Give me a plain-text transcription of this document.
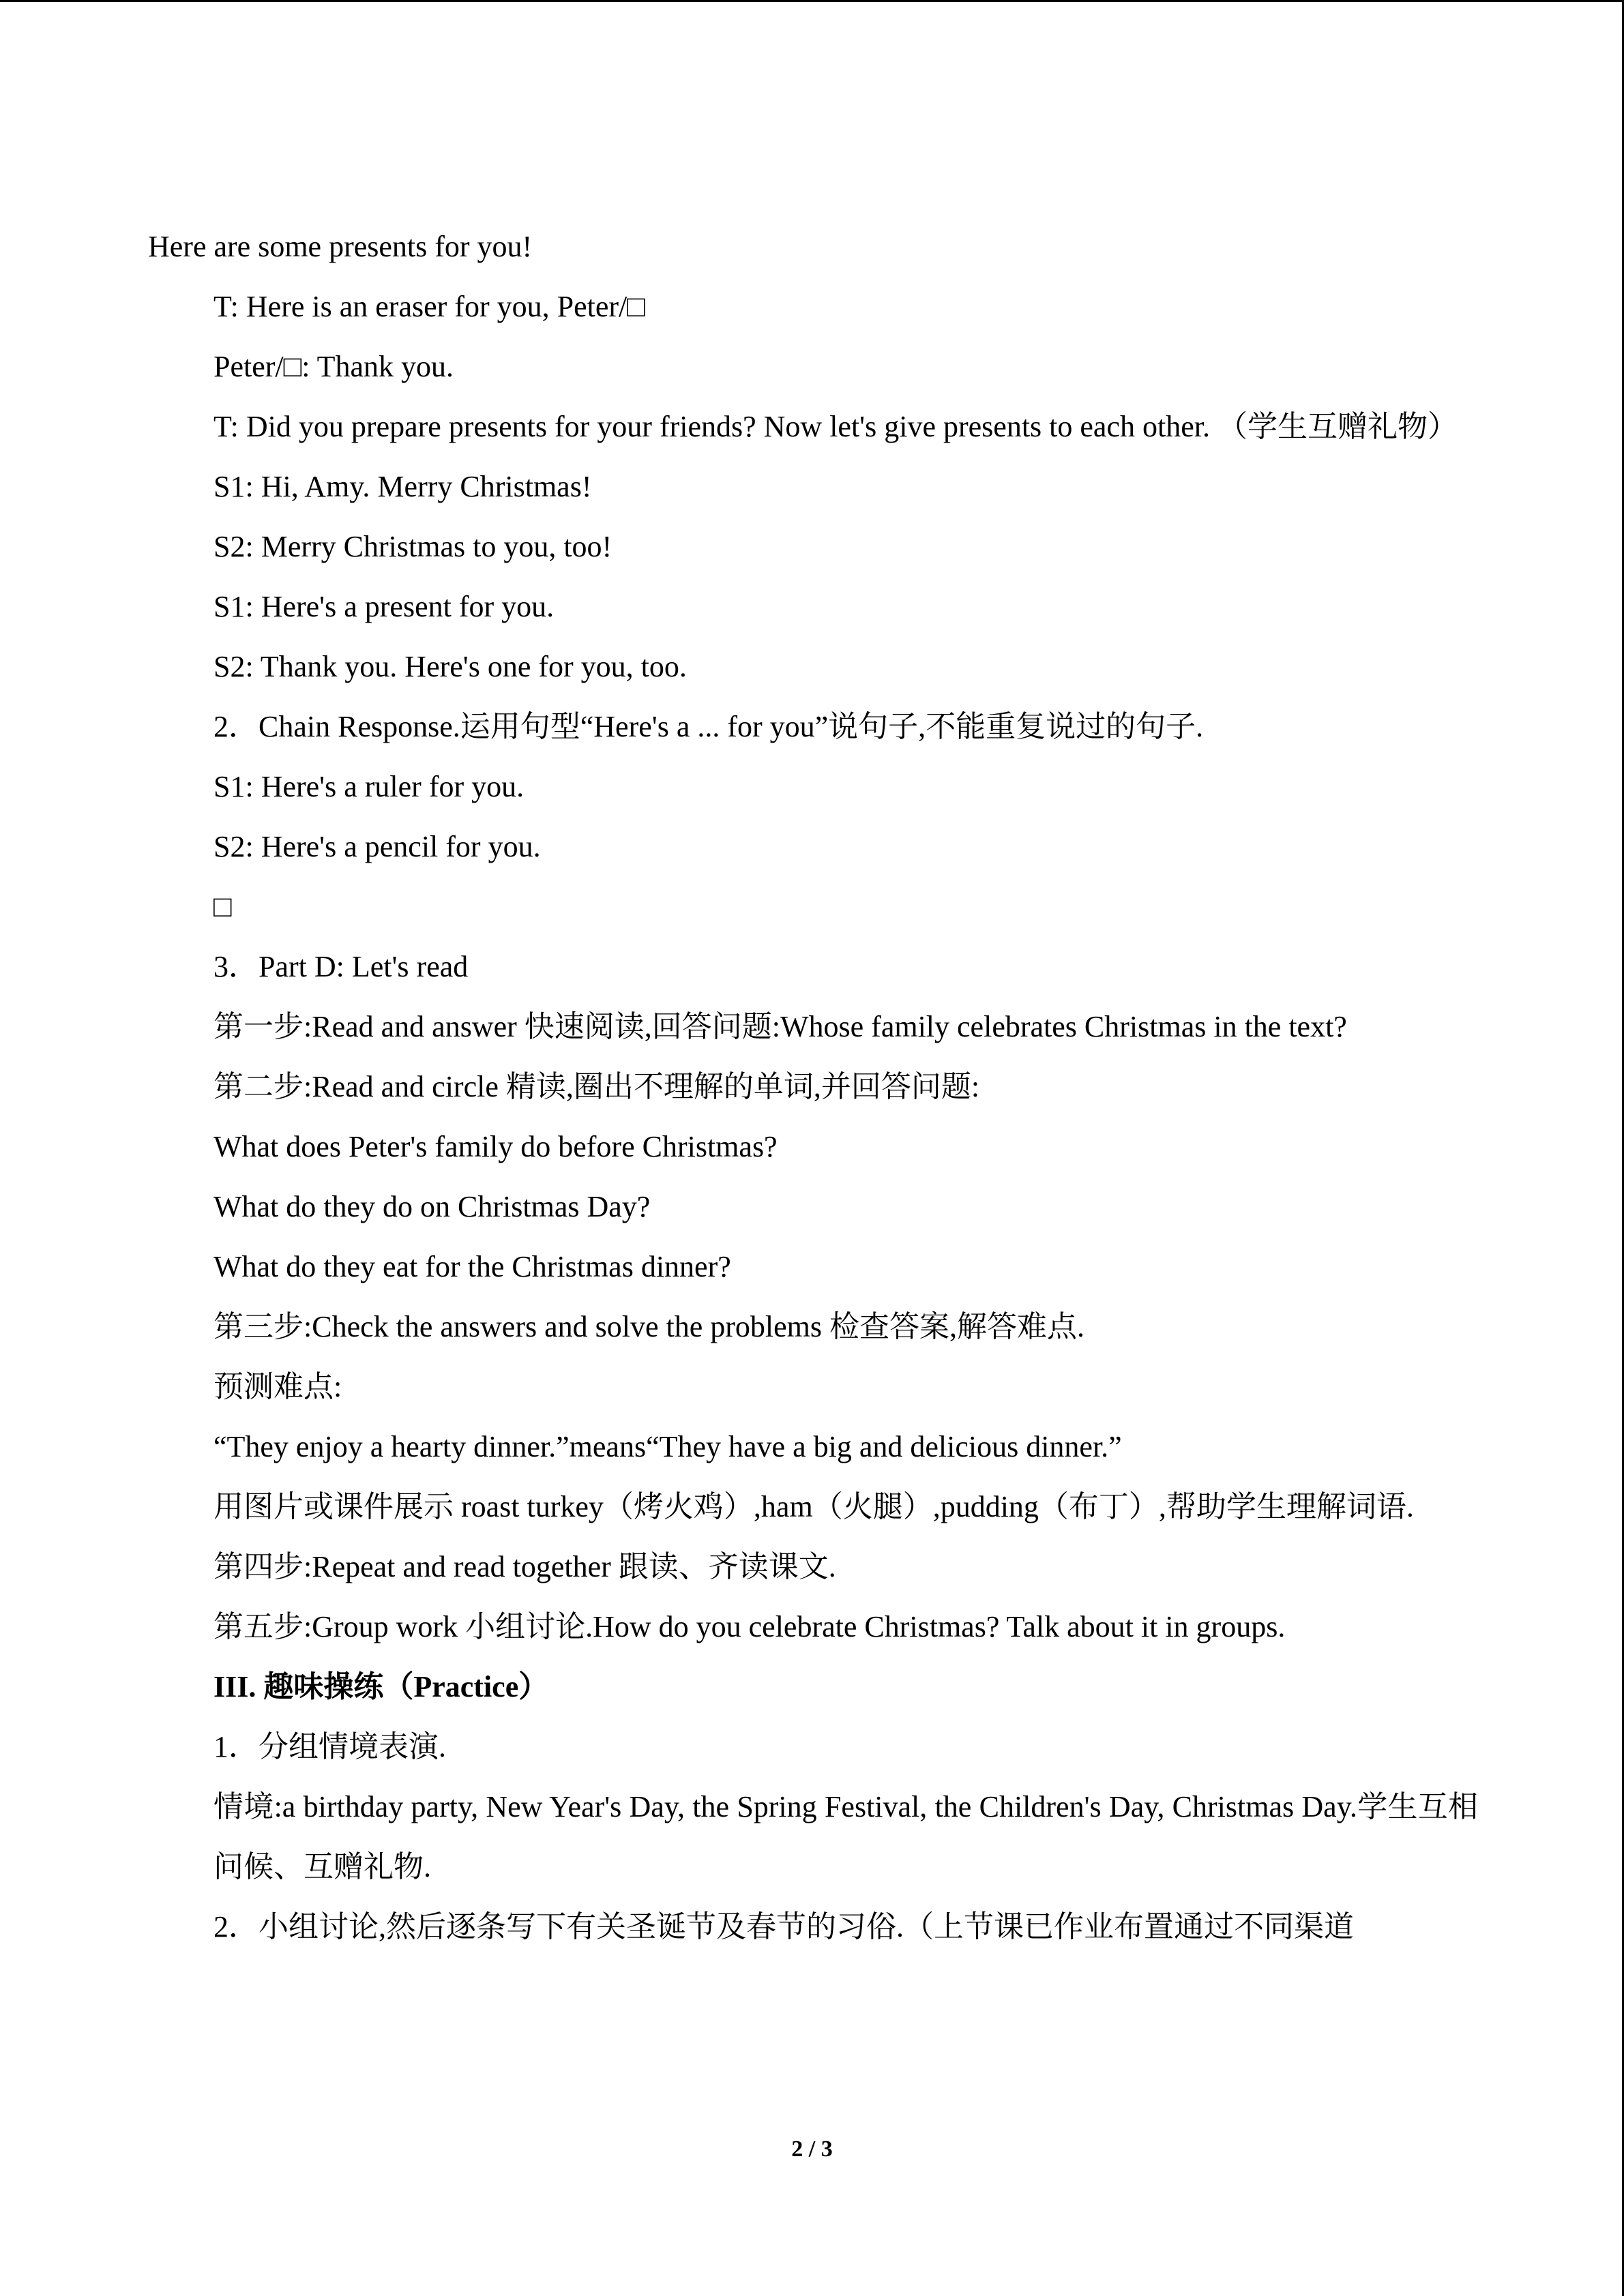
Here are some presents for you!

T: Here is an eraser for you, Peter/□

Peter/□: Thank you.

T: Did you prepare presents for your friends? Now let's give presents to each other. （学生互赠礼物）

S1: Hi, Amy. Merry Christmas!

S2: Merry Christmas to you, too!

S1: Here's a present for you.

S2: Thank you. Here's one for you, too.

2．Chain Response.运用句型“Here's a ... for you”说句子,不能重复说过的句子.

S1: Here's a ruler for you.

S2: Here's a pencil for you.

□

3．Part D: Let's read

第一步:Read and answer 快速阅读,回答问题:Whose family celebrates Christmas in the text?

第二步:Read and circle 精读,圈出不理解的单词,并回答问题:

What does Peter's family do before Christmas?

What do they do on Christmas Day?

What do they eat for the Christmas dinner?

第三步:Check the answers and solve the problems 检查答案,解答难点.

预测难点:

“They enjoy a hearty dinner.”means“They have a big and delicious dinner.”

用图片或课件展示 roast turkey（烤火鸡）,ham（火腿）,pudding（布丁）,帮助学生理解词语.

第四步:Repeat and read together 跟读、齐读课文.

第五步:Group work 小组讨论.How do you celebrate Christmas? Talk about it in groups.

III. 趣味操练（Practice）

1．分组情境表演.

情境:a birthday party, New Year's Day, the Spring Festival, the Children's Day, Christmas Day.学生互相问候、互赠礼物.

2．小组讨论,然后逐条写下有关圣诞节及春节的习俗.（上节课已作业布置通过不同渠道

2 / 3
